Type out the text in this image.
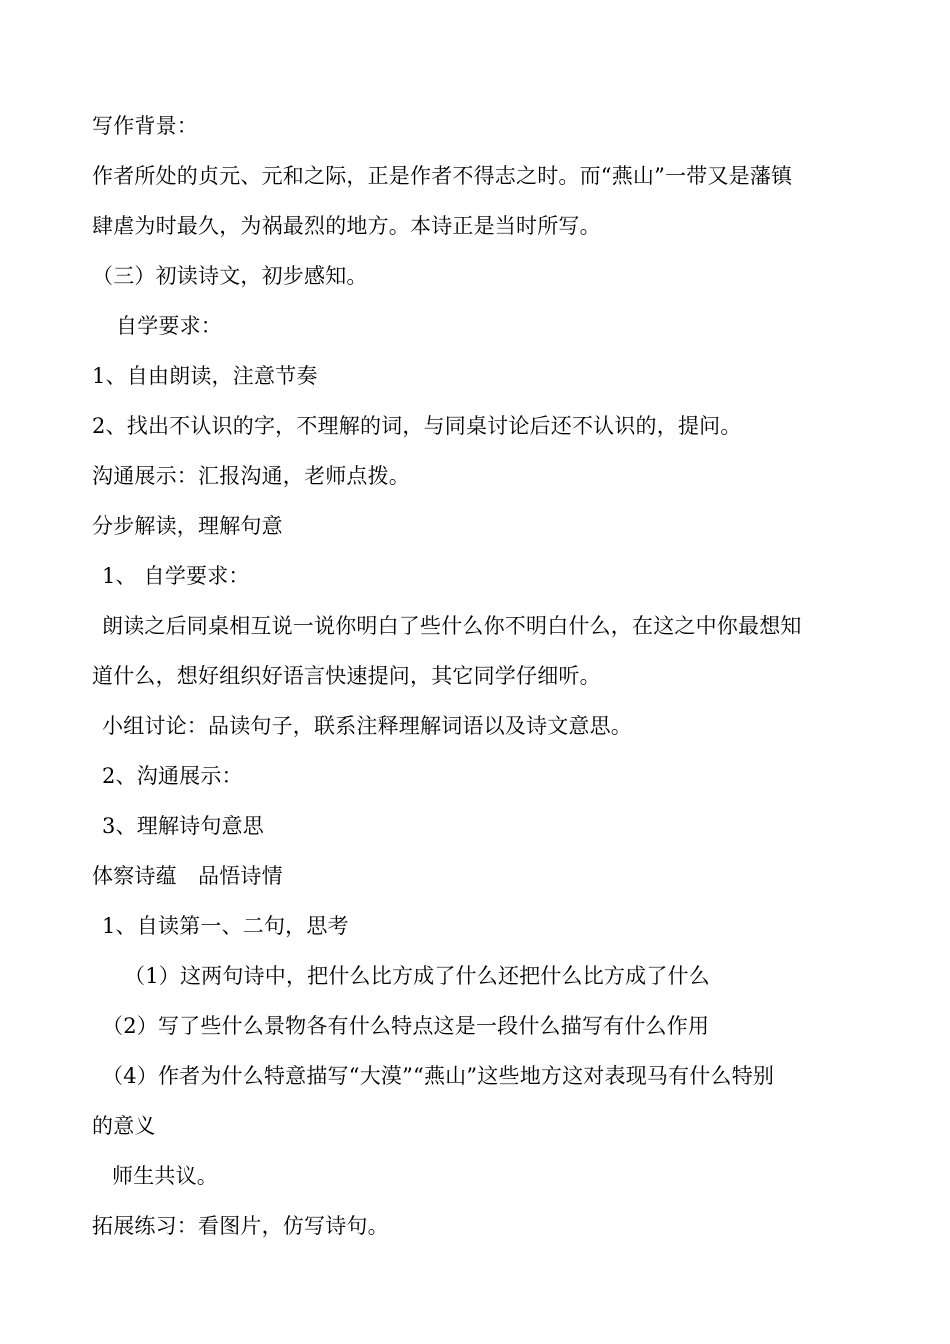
写作背景：
作者所处的贞元、元和之际，正是作者不得志之时。而“燕山”一带又是藩镇
肆虐为时最久，为祸最烈的地方。本诗正是当时所写。
（三）初读诗文，初步感知。
自学要求：
1、自由朗读，注意节奏
2、找出不认识的字，不理解的词，与同桌讨论后还不认识的，提问。
沟通展示：汇报沟通，老师点拨。
分步解读，理解句意
1、 自学要求：
朗读之后同桌相互说一说你明白了些什么你不明白什么，在这之中你最想知
道什么，想好组织好语言快速提问，其它同学仔细听。
小组讨论：品读句子，联系注释理解词语以及诗文意思。
2、沟通展示：
3、理解诗句意思
体察诗蕴　品悟诗情
1、自读第一、二句，思考
（1）这两句诗中，把什么比方成了什么还把什么比方成了什么
（2）写了些什么景物各有什么特点这是一段什么描写有什么作用
（4）作者为什么特意描写“大漠”“燕山”这些地方这对表现马有什么特别
的意义
师生共议。
拓展练习：看图片，仿写诗句。
